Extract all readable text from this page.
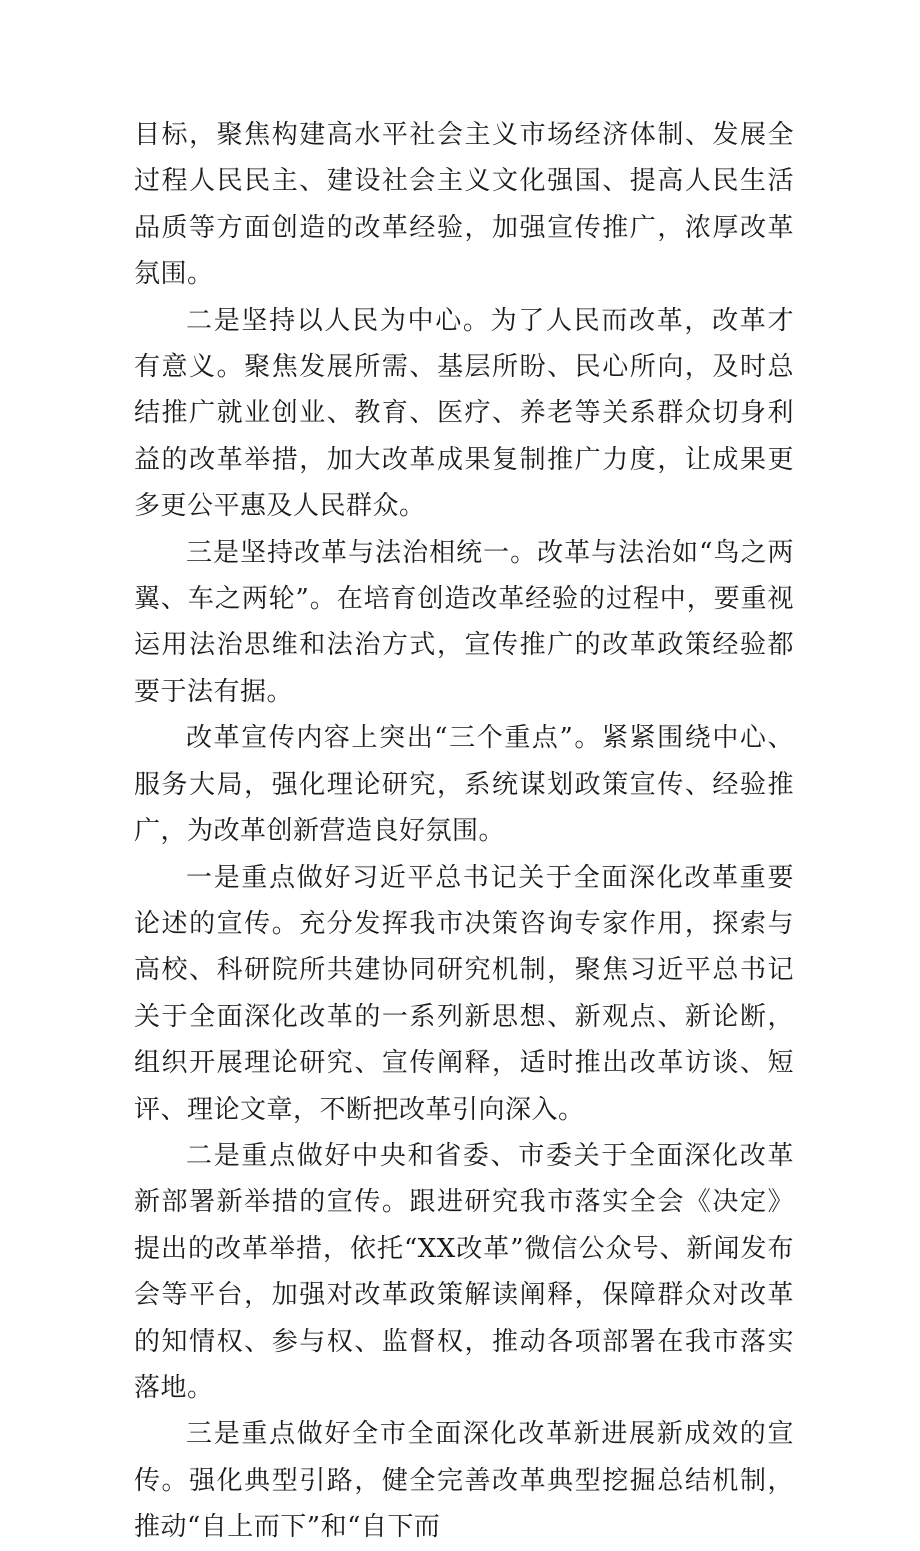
目标，聚焦构建高水平社会主义市场经济体制、发展全过程人民民主、建设社会主义文化强国、提高人民生活品质等方面创造的改革经验，加强宣传推广，浓厚改革氛围。

二是坚持以人民为中心。为了人民而改革，改革才有意义。聚焦发展所需、基层所盼、民心所向，及时总结推广就业创业、教育、医疗、养老等关系群众切身利益的改革举措，加大改革成果复制推广力度，让成果更多更公平惠及人民群众。

三是坚持改革与法治相统一。改革与法治如“鸟之两翼、车之两轮”。在培育创造改革经验的过程中，要重视运用法治思维和法治方式，宣传推广的改革政策经验都要于法有据。

改革宣传内容上突出“三个重点”。紧紧围绕中心、服务大局，强化理论研究，系统谋划政策宣传、经验推广，为改革创新营造良好氛围。

一是重点做好习近平总书记关于全面深化改革重要论述的宣传。充分发挥我市决策咨询专家作用，探索与高校、科研院所共建协同研究机制，聚焦习近平总书记关于全面深化改革的一系列新思想、新观点、新论断，组织开展理论研究、宣传阐释，适时推出改革访谈、短评、理论文章，不断把改革引向深入。

二是重点做好中央和省委、市委关于全面深化改革新部署新举措的宣传。跟进研究我市落实全会《决定》提出的改革举措，依托“XX改革”微信公众号、新闻发布会等平台，加强对改革政策解读阐释，保障群众对改革的知情权、参与权、监督权，推动各项部署在我市落实落地。

三是重点做好全市全面深化改革新进展新成效的宣传。强化典型引路，健全完善改革典型挖掘总结机制，推动“自上而下”和“自下而
